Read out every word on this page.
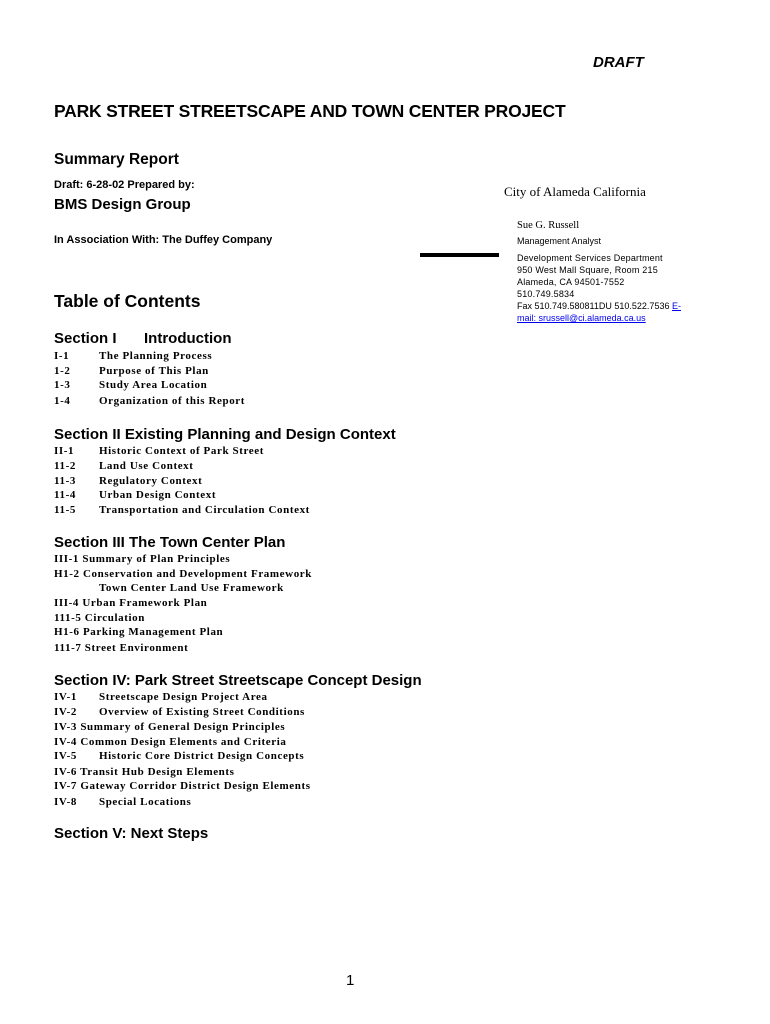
DRAFT
PARK STREET STREETSCAPE AND TOWN CENTER PROJECT
Summary Report
Draft: 6-28-02 Prepared by:
BMS Design Group
In Association With: The Duffey Company
City of Alameda California
Sue G. Russell
Management Analyst
Development Services Department
950 West Mall Square, Room 215
Alameda, CA 94501-7552
510.749.5834
Fax 510.749.580811DU 510.522.7536 E-mail: srussell@ci.alameda.ca.us
Table of Contents
Section I Introduction
I-1	The Planning Process
1-2	Purpose of This Plan
1-3	Study Area Location
1-4	Organization of this Report
Section II Existing Planning and Design Context
II-1 Historic Context of Park Street
11-2 Land Use Context
11-3 Regulatory Context
11-4 Urban Design Context
11-5 Transportation and Circulation Context
Section III The Town Center Plan
III-1 Summary of Plan Principles
H1-2 Conservation and Development Framework
Town Center Land Use Framework
III-4 Urban Framework Plan
111-5 Circulation
H1-6 Parking Management Plan
111-7 Street Environment
Section IV: Park Street Streetscape Concept Design
IV-1 Streetscape Design Project Area
IV-2 Overview of Existing Street Conditions
IV-3 Summary of General Design Principles
IV-4 Common Design Elements and Criteria
IV-5 Historic Core District Design Concepts
IV-6 Transit Hub Design Elements
IV-7 Gateway Corridor District Design Elements
IV-8 Special Locations
Section V: Next Steps
1
